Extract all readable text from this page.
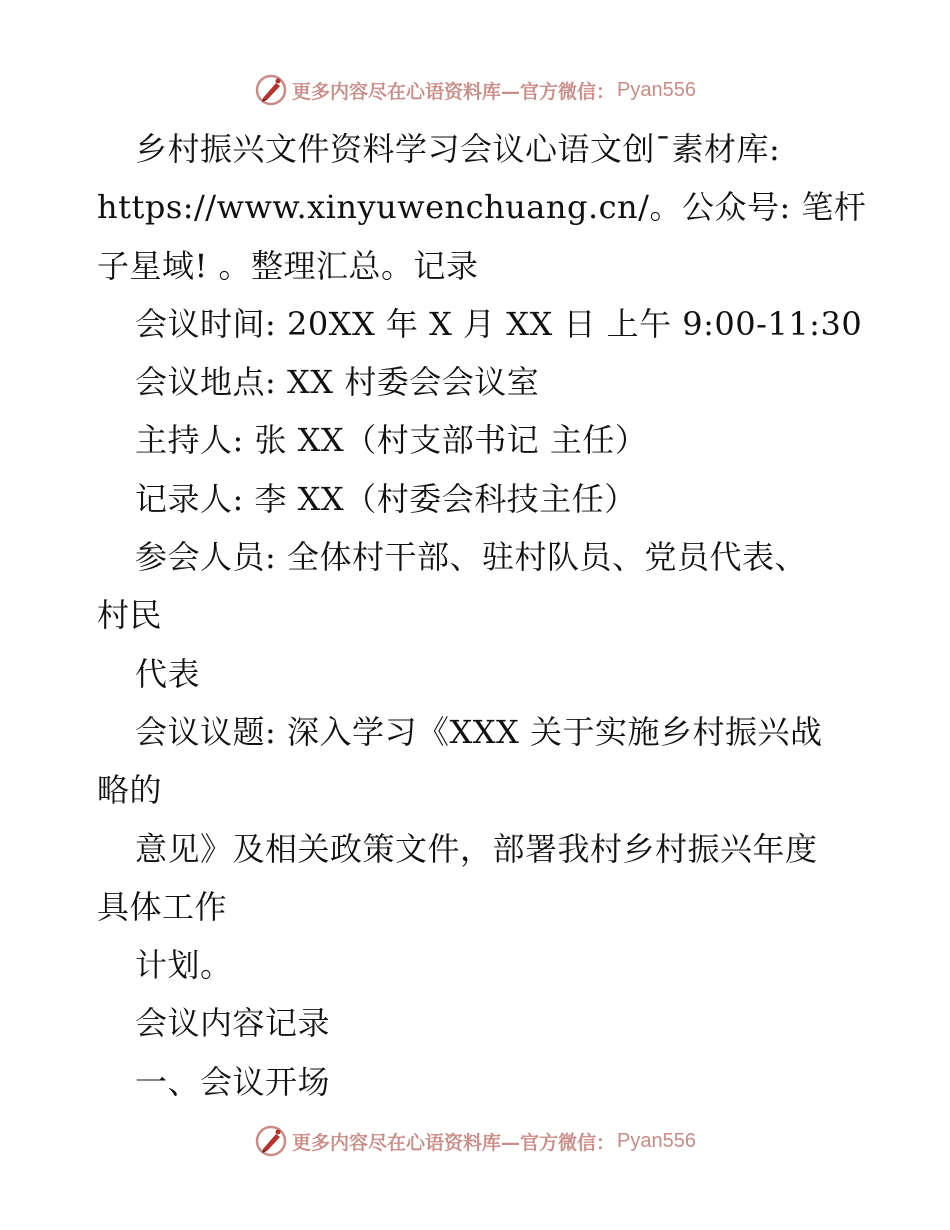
更多内容尽在心语资料库—官方微信： Pyan556
乡村振兴文件资料学习会议心语文创¯素材库:
https://www.xinyuwenchuang.cn/。公众号: 笔杆
子星域! 。整理汇总。记录
会议时间: 20XX 年 X 月 XX 日 上午 9:00-11:30
会议地点: XX 村委会会议室
主持人: 张 XX（村支部书记 主任）
记录人: 李 XX（村委会科技主任）
参会人员: 全体村干部、驻村队员、党员代表、
村民
代表
会议议题: 深入学习《XXX 关于实施乡村振兴战
略的
意见》及相关政策文件，部署我村乡村振兴年度
具体工作
计划。
会议内容记录
一、会议开场
更多内容尽在心语资料库—官方微信： Pyan556
